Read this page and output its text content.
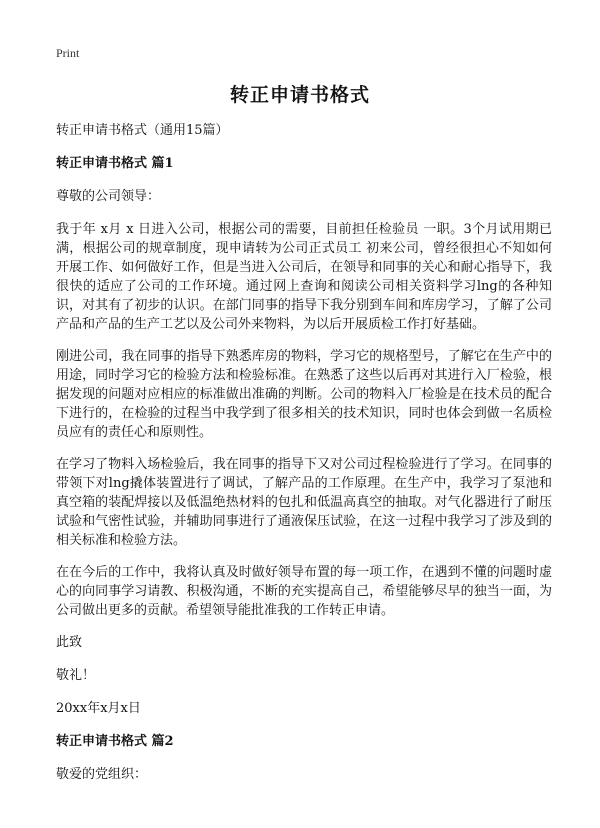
Print
转正申请书格式

转正申请书格式（通用15篇）

转正申请书格式 篇1

尊敬的公司领导：

我于年 x月 x 日进入公司，根据公司的需要，目前担任检验员 一职。3个月试用期已满，根据公司的规章制度，现申请转为公司正式员工 初来公司，曾经很担心不知如何开展工作、如何做好工作，但是当进入公司后，在领导和同事的关心和耐心指导下，我很快的适应了公司的工作环境。通过网上查询和阅读公司相关资料学习lng的各种知识，对其有了初步的认识。在部门同事的指导下我分别到车间和库房学习，了解了公司产品和产品的生产工艺以及公司外来物料，为以后开展质检工作打好基础。

刚进公司，我在同事的指导下熟悉库房的物料，学习它的规格型号，了解它在生产中的用途，同时学习它的检验方法和检验标准。在熟悉了这些以后再对其进行入厂检验，根据发现的问题对应相应的标准做出准确的判断。公司的物料入厂检验是在技术员的配合下进行的，在检验的过程当中我学到了很多相关的技术知识，同时也体会到做一名质检员应有的责任心和原则性。

在学习了物料入场检验后，我在同事的指导下又对公司过程检验进行了学习。在同事的带领下对lng撬体装置进行了调试，了解产品的工作原理。在生产中，我学习了泵池和真空箱的装配焊接以及低温绝热材料的包扎和低温高真空的抽取。对气化器进行了耐压试验和气密性试验，并辅助同事进行了通液保压试验，在这一过程中我学习了涉及到的相关标准和检验方法。

在在今后的工作中，我将认真及时做好领导布置的每一项工作，在遇到不懂的问题时虚心的向同事学习请教、积极沟通，不断的充实提高自己，希望能够尽早的独当一面，为公司做出更多的贡献。希望领导能批准我的工作转正申请。

此致

敬礼！

20xx年x月x日

转正申请书格式 篇2

敬爱的党组织：
